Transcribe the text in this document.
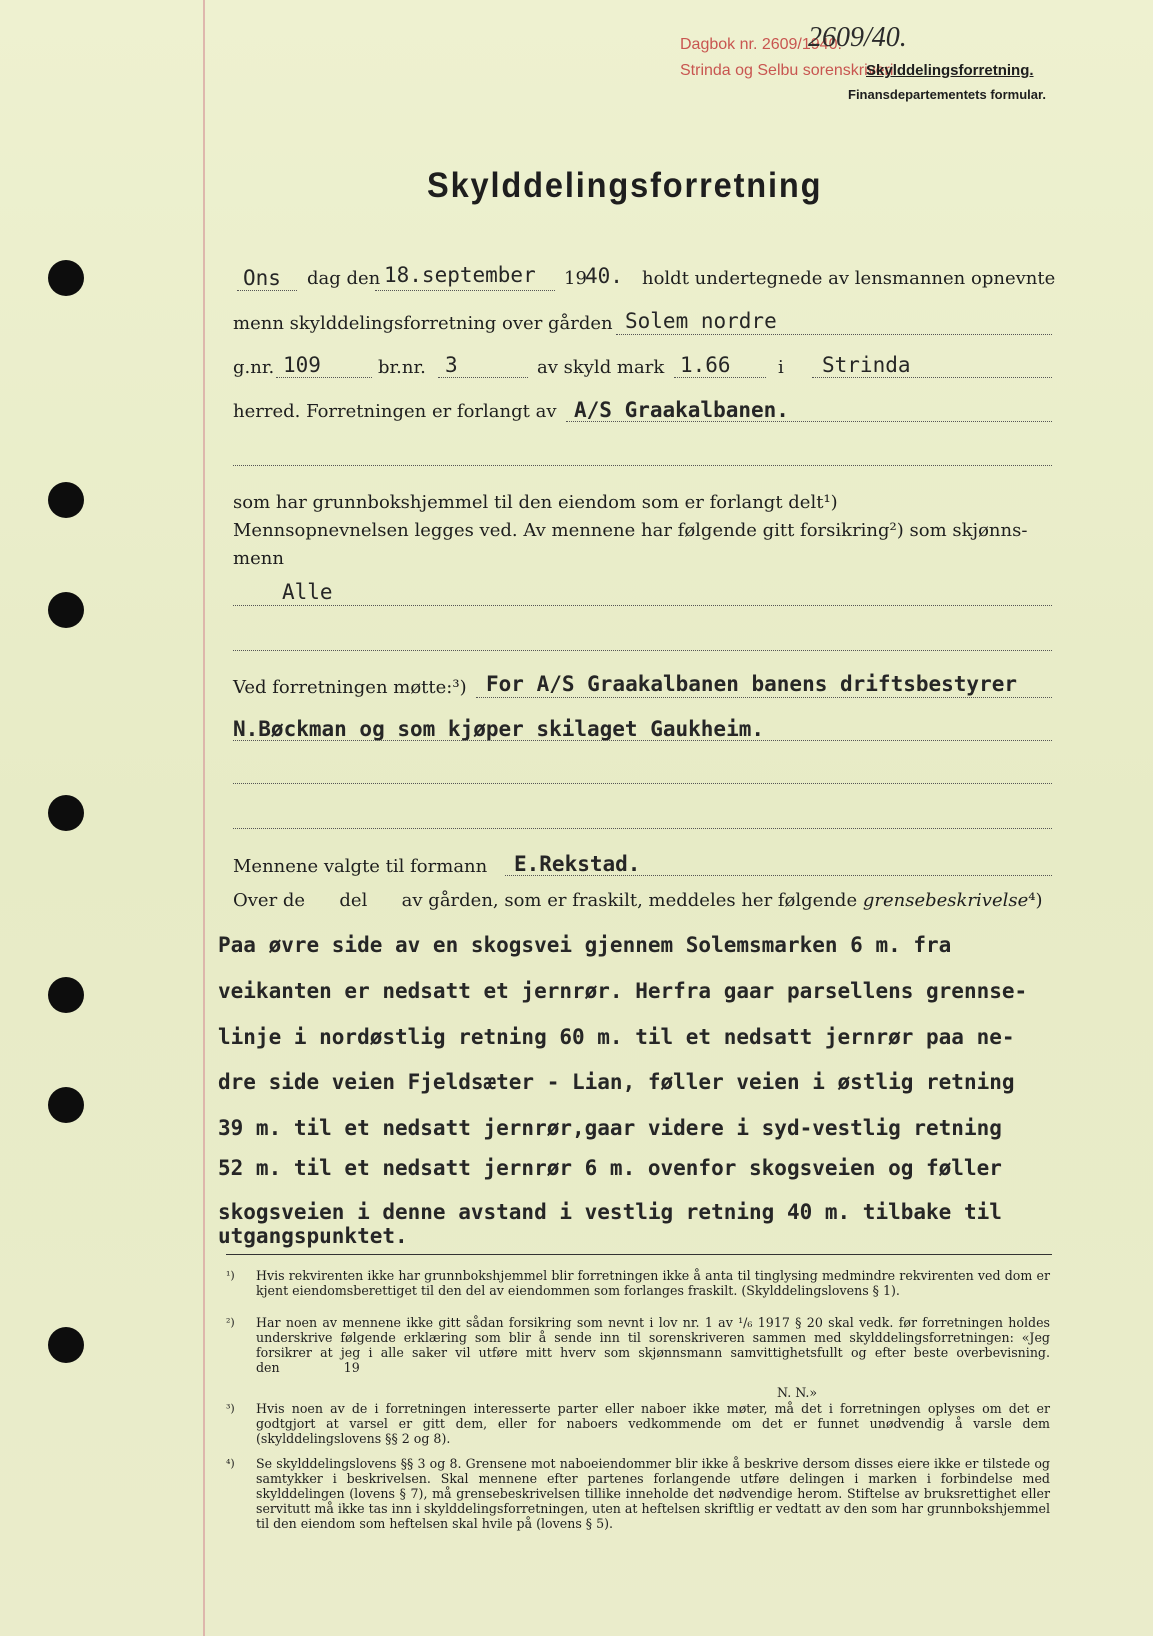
Dagbok nr. 2609/1940.
2609/40.
Strinda og Selbu sorenskriveri
Skylddelingsforretning.
Finansdepartementets formular.
Skylddelingsforretning
Ons dag den 18.september 19
40. holdt undertegnede av lensmannen opnevnte
menn skylddelingsforretning over gården Solem nordre
g.nr. 109	br.nr. 3	av skyld mark 1.66	i Strinda
herred. Forretningen er forlangt av A/S Graakalbanen.
som har grunnbokshjemmel til den eiendom som er forlangt delt¹)
Mennsopnevnelsen legges ved. Av mennene har følgende gitt forsikring²) som skjønns-
menn
Alle
Ved forretningen møtte:³) For A/S Graakalbanen banens driftsbestyrer
N.Bøckman og som kjøper skilaget Gaukheim.
Mennene valgte til formann E.Rekstad.
Over de      del      av gården, som er fraskilt, meddeles her følgende grensebeskrivelse⁴)
Paa øvre side av en skogsvei gjennem Solemsmarken 6 m. fra
veikanten er nedsatt et jernrør. Herfra gaar parsellens grennse-
linje i nordøstlig retning 60 m. til et nedsatt jernrør paa ne-
dre side veien Fjeldsæter - Lian, føller veien i østlig retning
39 m. til et nedsatt jernrør,gaar videre i syd-vestlig retning
52 m. til et nedsatt jernrør 6 m. ovenfor skogsveien og føller
skogsveien i denne avstand i vestlig retning 40 m. tilbake til
utgangspunktet.
¹) Hvis rekvirenten ikke har grunnbokshjemmel blir forretningen ikke å anta til tinglysing medmindre rekvirenten ved dom er kjent eiendomsberettiget til den del av eiendommen som forlanges fraskilt. (Skylddelingslovens § 1).
²) Har noen av mennene ikke gitt sådan forsikring som nevnt i lov nr. 1 av ¹/₆ 1917 § 20 skal vedk. før forretningen holdes underskrive følgende erklæring som blir å sende inn til sorenskriveren sammen med skylddelingsforretningen: «Jeg forsikrer at jeg i alle saker vil utføre mitt hverv som skjønnsmann samvittighetsfullt og efter beste overbevisning.                den                19
N. N.»
³) Hvis noen av de i forretningen interesserte parter eller naboer ikke møter, må det i forretningen oplyses om det er godtgjort at varsel er gitt dem, eller for naboers vedkommende om det er funnet unødvendig å varsle dem (skylddelingslovens §§ 2 og 8).
⁴) Se skylddelingslovens §§ 3 og 8. Grensene mot naboeiendommer blir ikke å beskrive dersom disses eiere ikke er tilstede og samtykker i beskrivelsen. Skal mennene efter partenes forlangende utføre delingen i marken i forbindelse med skylddelingen (lovens § 7), må grensebeskrivelsen tillike inneholde det nødvendige herom. Stiftelse av bruksrettighet eller servitutt må ikke tas inn i skylddelingsforretningen, uten at heftelsen skriftlig er vedtatt av den som har grunnbokshjemmel til den eiendom som heftelsen skal hvile på (lovens § 5).
